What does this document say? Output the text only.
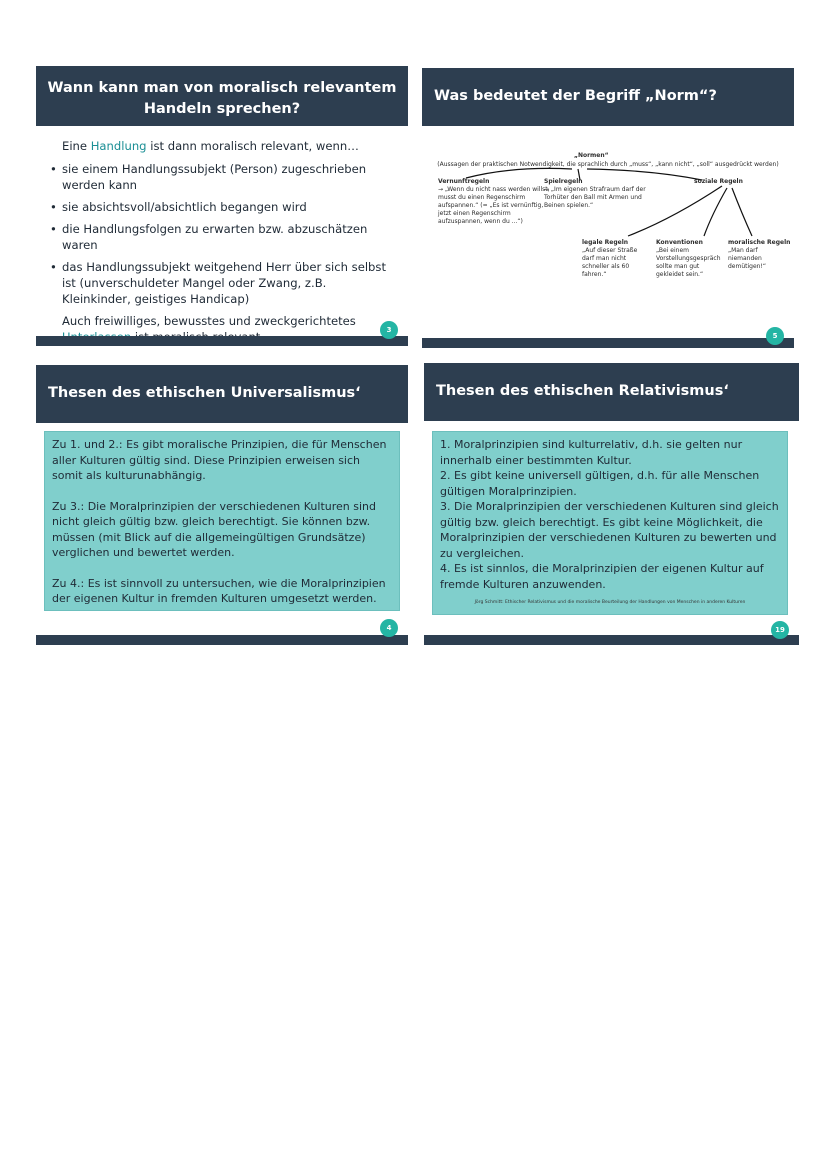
Wann kann man von moralisch relevantem Handeln sprechen?
Eine Handlung ist dann moralisch relevant, wenn…
• sie einem Handlungssubjekt (Person) zugeschrieben werden kann
• sie absichtsvoll/absichtlich begangen wird
• die Handlungsfolgen zu erwarten bzw. abzuschätzen waren
• das Handlungssubjekt weitgehend Herr über sich selbst ist (unverschuldeter Mangel oder Zwang, z.B. Kleinkinder, geistiges Handicap)
Auch freiwilliges, bewusstes und zweckgerichtetes
3
Was bedeutet der Begriff „Norm“?
„Normen“
(Aussagen der praktischen Notwendigkeit, die sprachlich durch „muss“, „kann nicht“, „soll“ ausgedrückt werden)
Vernunftregeln
→ „Wenn du nicht nass werden willst, musst du einen Regenschirm aufspannen.“ (= „Es ist vernünftig, jetzt einen Regenschirm aufzuspannen, wenn du ...“)
Spielregeln
→ „Im eigenen Strafraum darf der Torhüter den Ball mit Armen und Beinen spielen.“
soziale Regeln
legale Regeln
„Auf dieser Straße darf man nicht schneller als 60 fahren.“
Konventionen
„Bei einem Vorstellungsgespräch sollte man gut gekleidet sein.“
moralische Regeln
„Man darf niemanden demütigen!“
5
Thesen des ethischen Universalismus‘

Zu 1. und 2.: Es gibt moralische Prinzipien, die für Menschen aller Kulturen gültig sind. Diese Prinzipien erweisen sich somit als kulturunabhängig.

Zu 3.: Die Moralprinzipien der verschiedenen Kulturen sind nicht gleich gültig bzw. gleich berechtigt. Sie können bzw. müssen (mit Blick auf die allgemeingültigen Grundsätze) verglichen und bewertet werden.

Zu 4.: Es ist sinnvoll zu untersuchen, wie die Moralprinzipien der eigenen Kultur in fremden Kulturen umgesetzt werden.

4
Thesen des ethischen Relativismus‘

1. Moralprinzipien sind kulturrelativ, d.h. sie gelten nur innerhalb einer bestimmten Kultur.

2. Es gibt keine universell gültigen, d.h. für alle Menschen gültigen Moralprinzipien.

3. Die Moralprinzipien der verschiedenen Kulturen sind gleich gültig bzw. gleich berechtigt. Es gibt keine Möglichkeit, die Moralprinzipien der verschiedenen Kulturen zu bewerten und zu vergleichen.

4. Es ist sinnlos, die Moralprinzipien der eigenen Kultur auf fremde Kulturen anzuwenden.

Jörg Schmitt: Ethischer Relativismus und die moralische Beurteilung der Handlungen von Menschen in anderen Kulturen
19
